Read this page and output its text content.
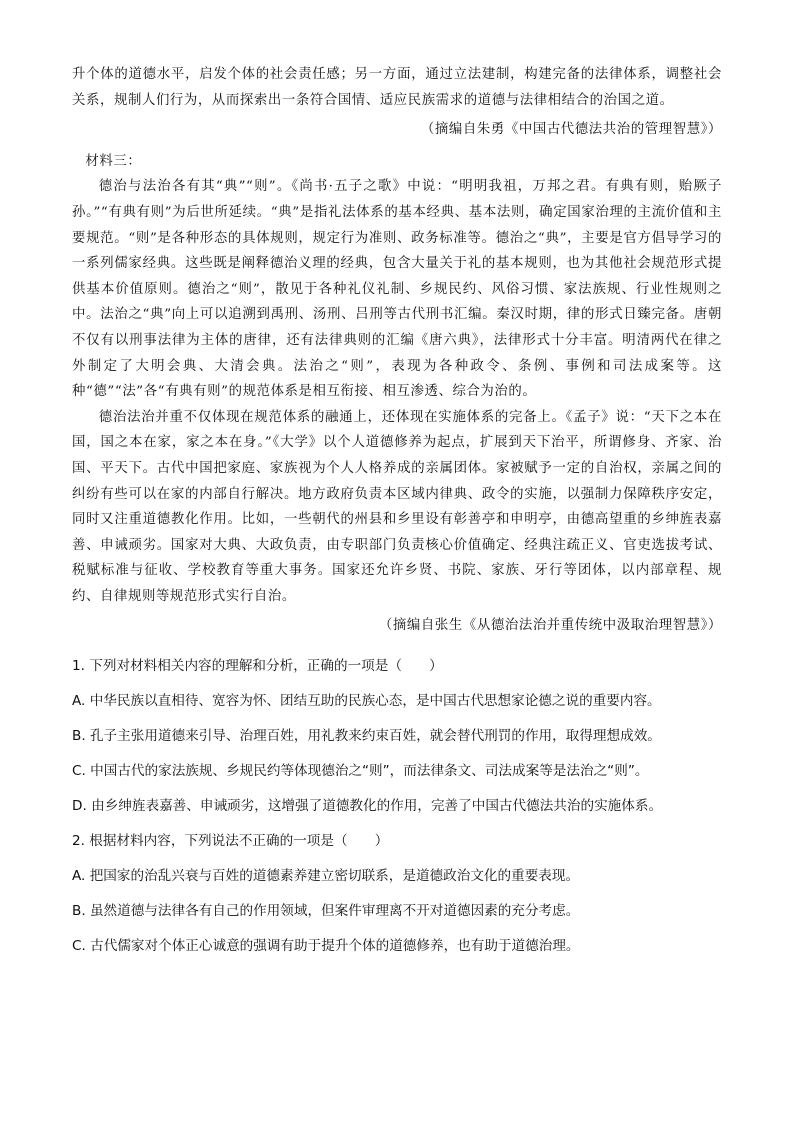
升个体的道德水平，启发个体的社会责任感；另一方面，通过立法建制，构建完备的法律体系，调整社会关系，规制人们行为，从而探索出一条符合国情、适应民族需求的道德与法律相结合的治国之道。

（摘编自朱勇《中国古代德法共治的管理智慧》）

材料三：

德治与法治各有其“典”“则”。《尚书·五子之歌》中说：“明明我祖，万邦之君。有典有则，贻厥子孙。”“有典有则”为后世所延续。“典”是指礼法体系的基本经典、基本法则，确定国家治理的主流价值和主要规范。“则”是各种形态的具体规则，规定行为准则、政务标准等。德治之“典”，主要是官方倡导学习的一系列儒家经典。这些既是阐释德治义理的经典，包含大量关于礼的基本规则，也为其他社会规范形式提供基本价值原则。德治之“则”，散见于各种礼仪礼制、乡规民约、风俗习惯、家法族规、行业性规则之中。法治之“典”向上可以追溯到禹刑、汤刑、吕刑等古代刑书汇编。秦汉时期，律的形式日臻完备。唐朝不仅有以刑事法律为主体的唐律，还有法律典则的汇编《唐六典》，法律形式十分丰富。明清两代在律之外制定了大明会典、大清会典。法治之“则”，表现为各种政令、条例、事例和司法成案等。这种“德”“法”各“有典有则”的规范体系是相互衔接、相互渗透、综合为治的。

德治法治并重不仅体现在规范体系的融通上，还体现在实施体系的完备上。《孟子》说：“天下之本在国，国之本在家，家之本在身。”《大学》以个人道德修养为起点，扩展到天下治平，所谓修身、齐家、治国、平天下。古代中国把家庭、家族视为个人人格养成的亲属团体。家被赋予一定的自治权，亲属之间的纠纷有些可以在家的内部自行解决。地方政府负责本区域内律典、政令的实施，以强制力保障秩序安定，同时又注重道德教化作用。比如，一些朝代的州县和乡里设有彰善亭和申明亭，由德高望重的乡绅旌表嘉善、申诫顽劣。国家对大典、大政负责，由专职部门负责核心价值确定、经典注疏正义、官吏选拔考试、税赋标准与征收、学校教育等重大事务。国家还允许乡贤、书院、家族、牙行等团体，以内部章程、规约、自律规则等规范形式实行自治。

（摘编自张生《从德治法治并重传统中汲取治理智慧》）

1. 下列对材料相关内容的理解和分析，正确的一项是（　　）

A. 中华民族以直相待、宽容为怀、团结互助的民族心态，是中国古代思想家论德之说的重要内容。

B. 孔子主张用道德来引导、治理百姓，用礼教来约束百姓，就会替代刑罚的作用，取得理想成效。

C. 中国古代的家法族规、乡规民约等体现德治之“则”，而法律条文、司法成案等是法治之“则”。

D. 由乡绅旌表嘉善、申诫顽劣，这增强了道德教化的作用，完善了中国古代德法共治的实施体系。

2. 根据材料内容，下列说法不正确的一项是（　　）

A. 把国家的治乱兴衰与百姓的道德素养建立密切联系，是道德政治文化的重要表现。

B. 虽然道德与法律各有自己的作用领域，但案件审理离不开对道德因素的充分考虑。

C. 古代儒家对个体正心诚意的强调有助于提升个体的道德修养，也有助于道德治理。
